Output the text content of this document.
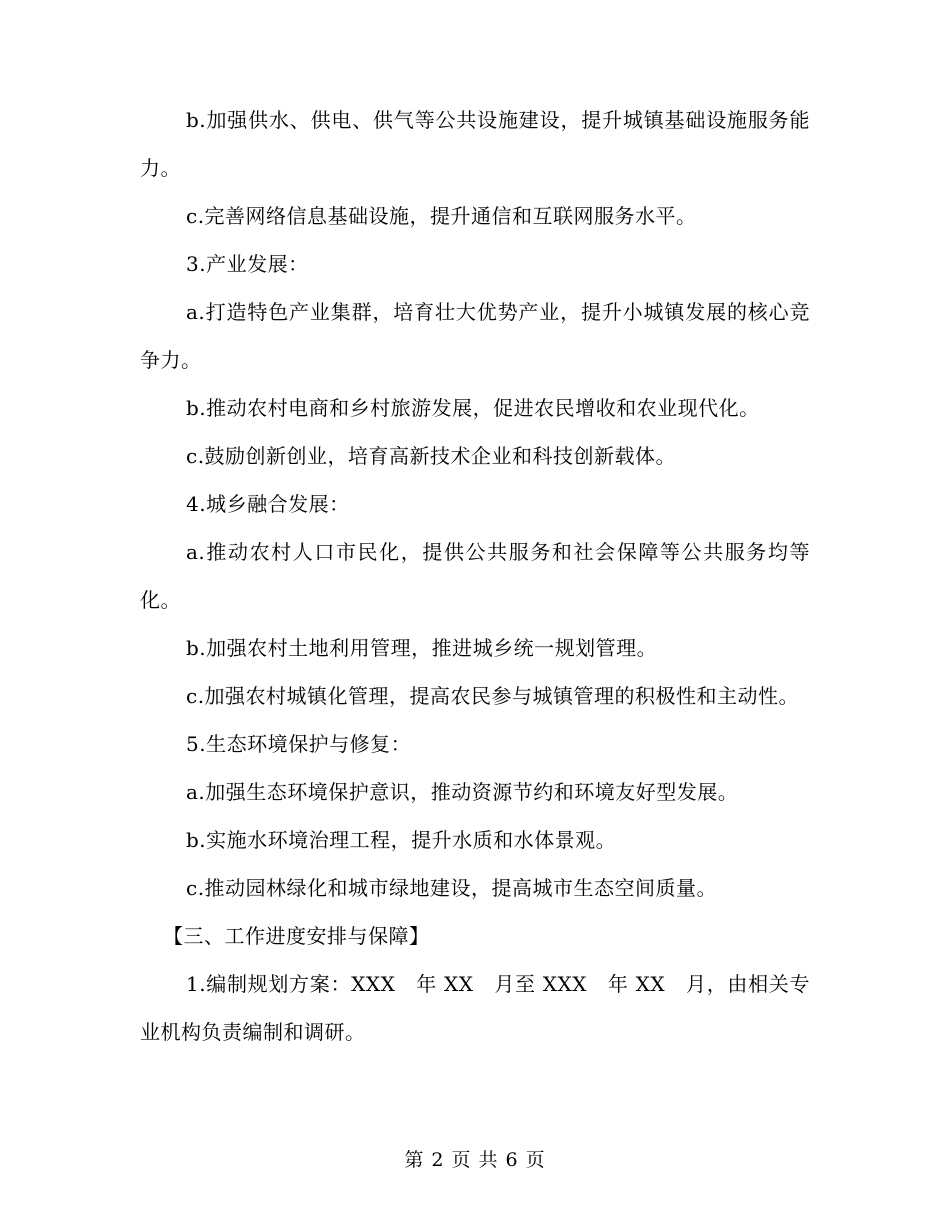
b.加强供水、供电、供气等公共设施建设，提升城镇基础设施服务能力。

c.完善网络信息基础设施，提升通信和互联网服务水平。

3.产业发展：

a.打造特色产业集群，培育壮大优势产业，提升小城镇发展的核心竞争力。

b.推动农村电商和乡村旅游发展，促进农民增收和农业现代化。

c.鼓励创新创业，培育高新技术企业和科技创新载体。

4.城乡融合发展：

a.推动农村人口市民化，提供公共服务和社会保障等公共服务均等化。

b.加强农村土地利用管理，推进城乡统一规划管理。

c.加强农村城镇化管理，提高农民参与城镇管理的积极性和主动性。

5.生态环境保护与修复：

a.加强生态环境保护意识，推动资源节约和环境友好型发展。

b.实施水环境治理工程，提升水质和水体景观。

c.推动园林绿化和城市绿地建设，提高城市生态空间质量。

【三、工作进度安排与保障】

1.编制规划方案：XXX　年 XX　月至 XXX　年 XX　月，由相关专业机构负责编制和调研。

第 2 页 共 6 页
